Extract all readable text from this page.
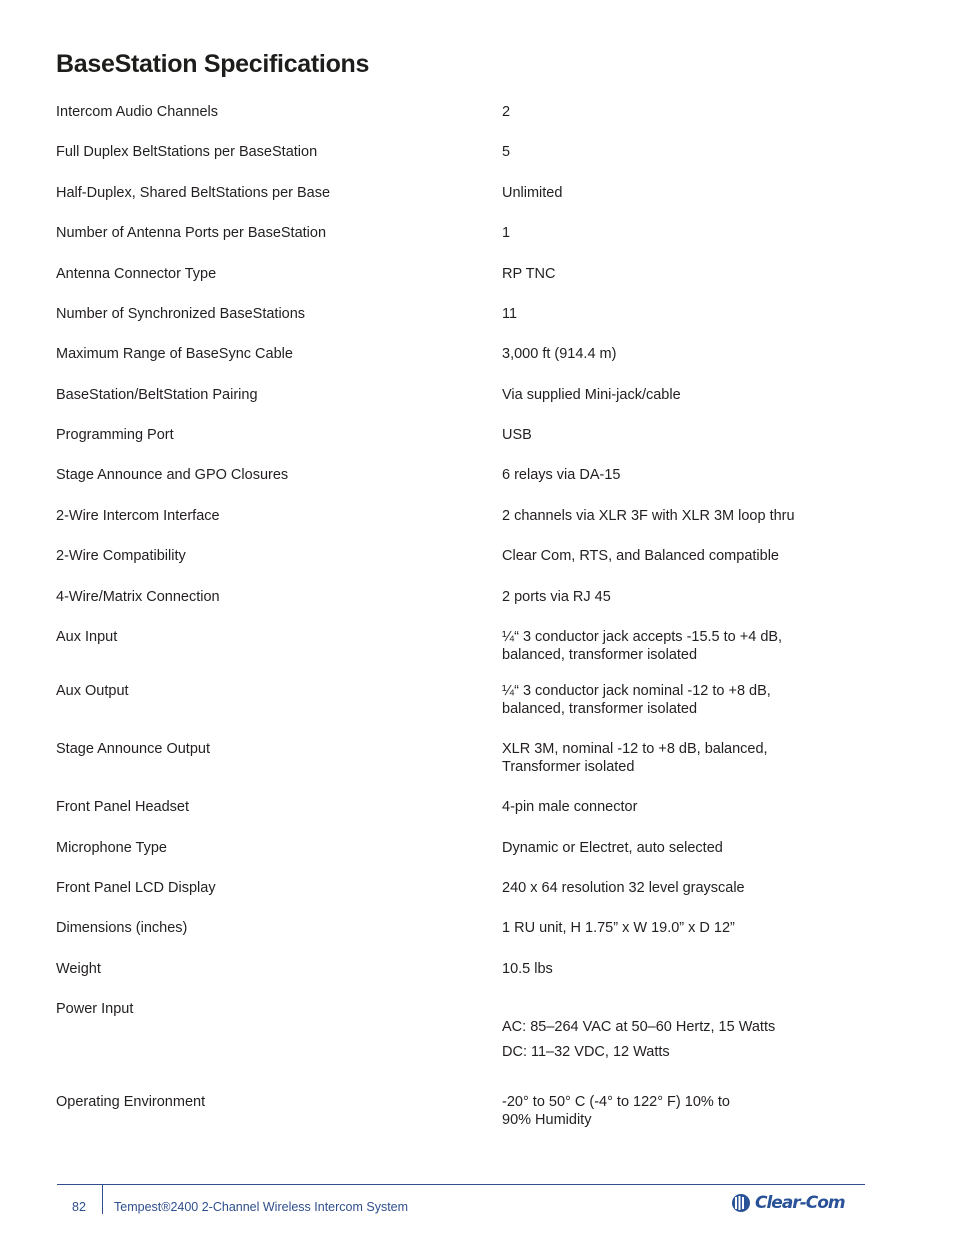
BaseStation Specifications
Intercom Audio Channels	2
Full Duplex BeltStations per BaseStation	5
Half-Duplex, Shared BeltStations per Base	Unlimited
Number of Antenna Ports per BaseStation	1
Antenna Connector Type	RP TNC
Number of Synchronized BaseStations	11
Maximum Range of BaseSync Cable	3,000 ft (914.4 m)
BaseStation/BeltStation Pairing	Via supplied Mini-jack/cable
Programming Port	USB
Stage Announce and GPO Closures	6 relays via DA-15
2-Wire Intercom Interface	2 channels via XLR 3F with XLR 3M loop thru
2-Wire Compatibility	Clear Com, RTS, and Balanced compatible
4-Wire/Matrix Connection	2 ports via RJ 45
Aux Input	¼“ 3 conductor jack accepts -15.5 to +4 dB,
balanced, transformer isolated
Aux Output	¼“ 3 conductor jack nominal -12 to +8 dB,
balanced, transformer isolated
Stage Announce Output	XLR 3M, nominal -12 to +8 dB, balanced,
Transformer isolated
Front Panel Headset	4-pin male connector
Microphone Type	Dynamic or Electret, auto selected
Front Panel LCD Display	240 x 64 resolution 32 level grayscale
Dimensions (inches)	1 RU unit, H 1.75” x W 19.0” x D 12”
Weight	10.5 lbs
Power Input
AC: 85–264 VAC at 50–60 Hertz, 15 Watts
DC: 11–32 VDC, 12 Watts
Operating Environment	-20° to 50° C (-4° to 122° F) 10% to
90% Humidity
82 Tempest®2400 2-Channel Wireless Intercom System	Clear-Com
